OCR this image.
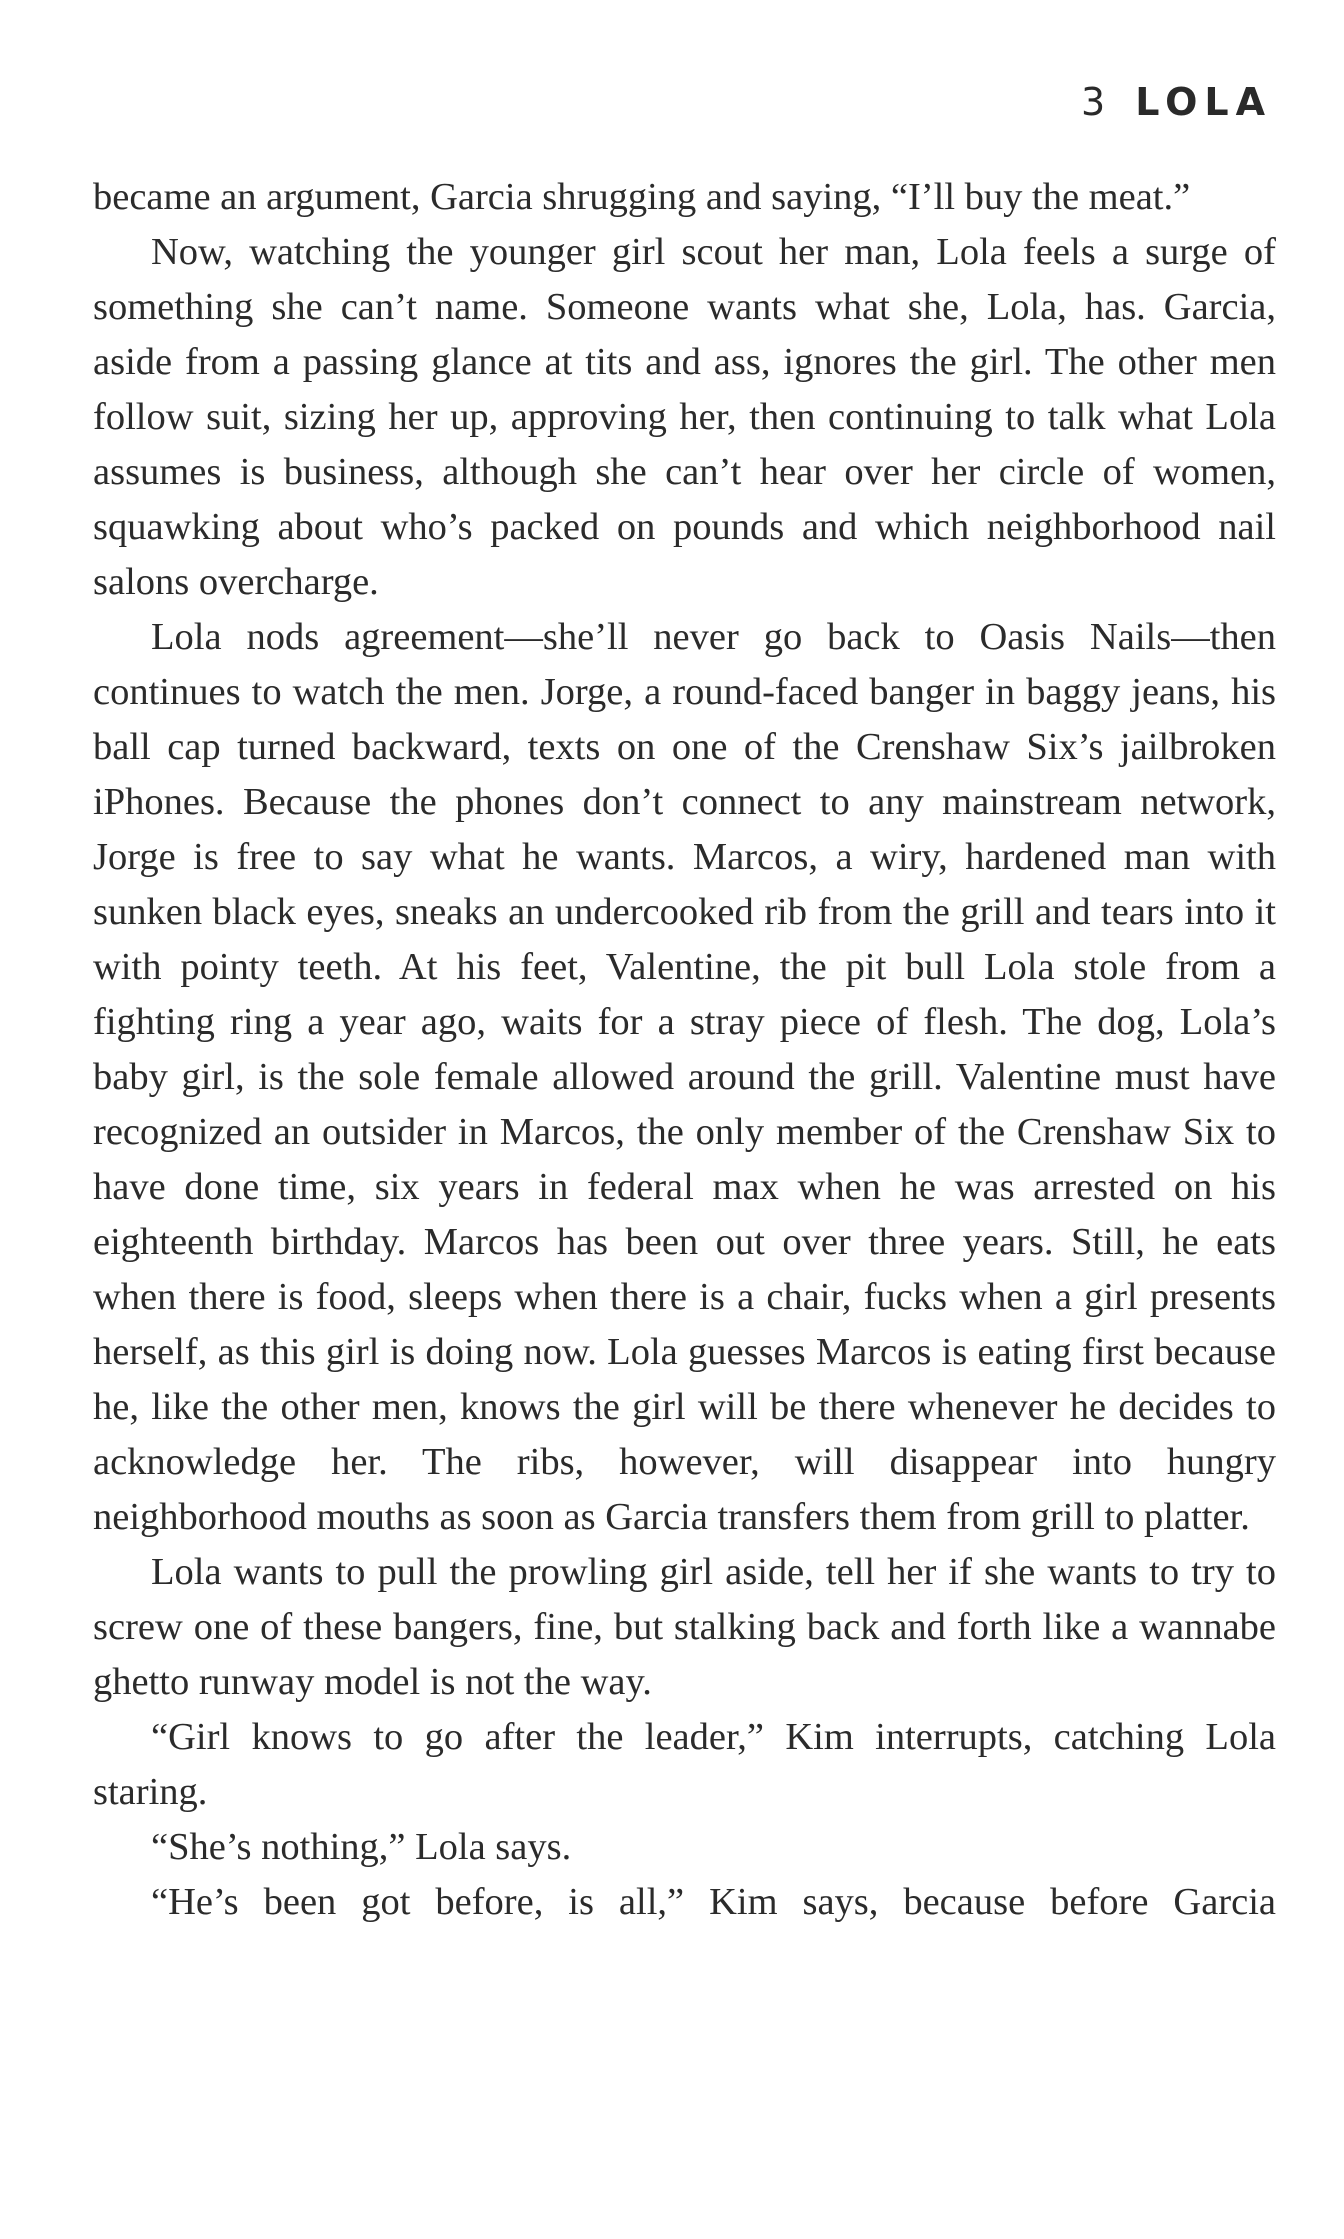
3 LOLA

became an argument, Garcia shrugging and saying, “I’ll buy the meat.”

Now, watching the younger girl scout her man, Lola feels a surge of something she can’t name. Someone wants what she, Lola, has. Garcia, aside from a passing glance at tits and ass, ignores the girl. The other men follow suit, sizing her up, approving her, then continuing to talk what Lola assumes is business, although she can’t hear over her circle of women, squawking about who’s packed on pounds and which neighborhood nail salons overcharge.

Lola nods agreement—she’ll never go back to Oasis Nails—then continues to watch the men. Jorge, a round-faced banger in baggy jeans, his ball cap turned backward, texts on one of the Crenshaw Six’s jailbroken iPhones. Because the phones don’t connect to any mainstream network, Jorge is free to say what he wants. Marcos, a wiry, hardened man with sunken black eyes, sneaks an undercooked rib from the grill and tears into it with pointy teeth. At his feet, Valentine, the pit bull Lola stole from a fighting ring a year ago, waits for a stray piece of flesh. The dog, Lola’s baby girl, is the sole female allowed around the grill. Valentine must have recognized an outsider in Marcos, the only member of the Crenshaw Six to have done time, six years in federal max when he was arrested on his eighteenth birthday. Marcos has been out over three years. Still, he eats when there is food, sleeps when there is a chair, fucks when a girl presents herself, as this girl is doing now. Lola guesses Marcos is eating first because he, like the other men, knows the girl will be there whenever he decides to acknowledge her. The ribs, however, will disappear into hungry neighborhood mouths as soon as Garcia transfers them from grill to platter.

Lola wants to pull the prowling girl aside, tell her if she wants to try to screw one of these bangers, fine, but stalking back and forth like a wannabe ghetto runway model is not the way.

“Girl knows to go after the leader,” Kim interrupts, catching Lola staring.

“She’s nothing,” Lola says.

“He’s been got before, is all,” Kim says, because before Garcia
